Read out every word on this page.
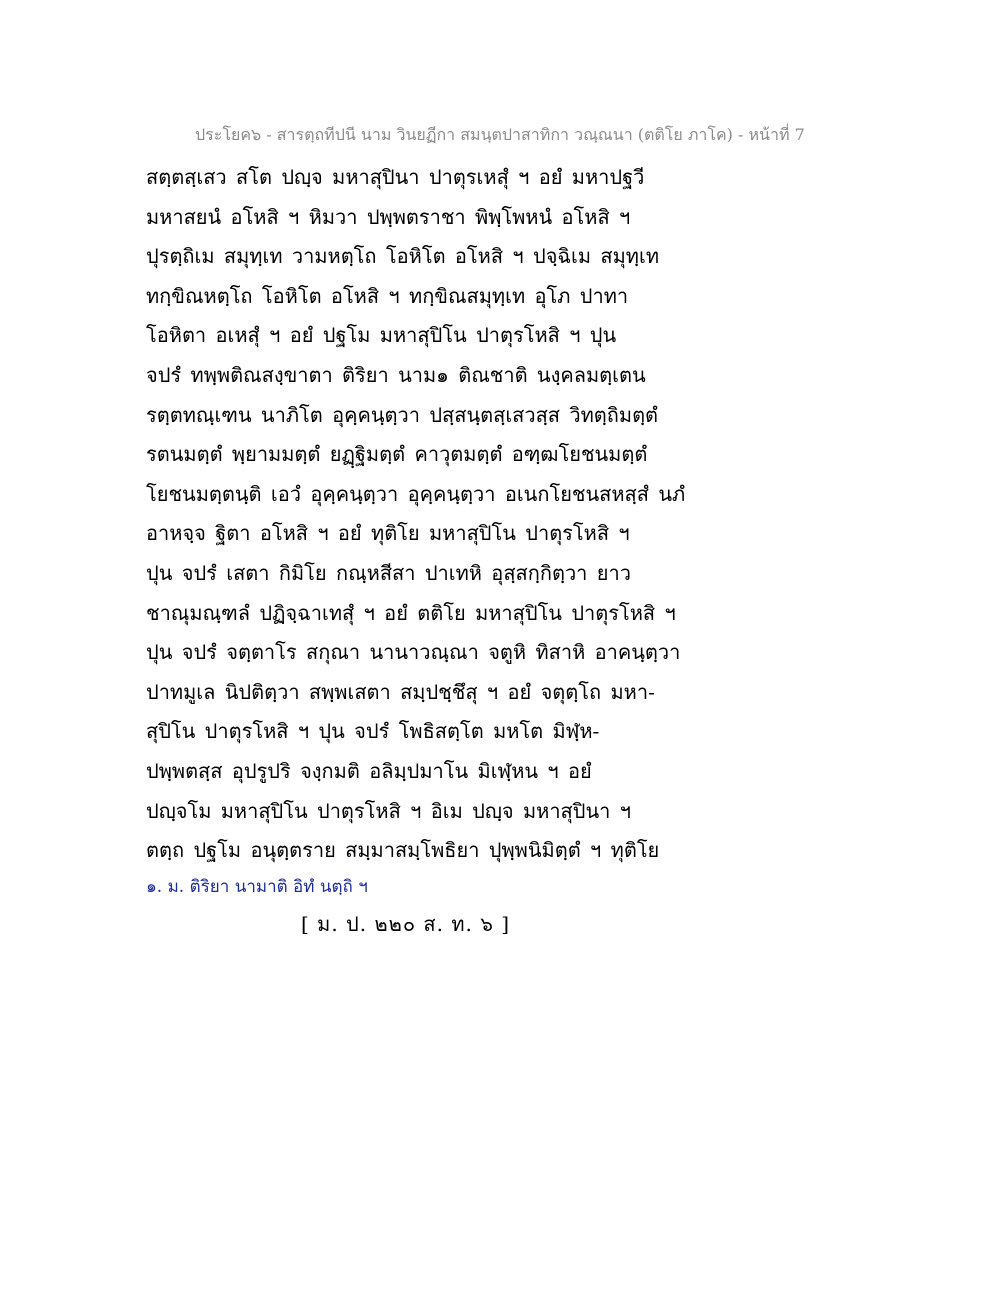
ประโยค๖ - สารตฺถทีปนี นาม วินยฏีกา สมนฺตปาสาทิกา วณฺณนา (ตติโย ภาโค) - หน้าที่ 7
สตฺตสฺเสว สโต ปญฺจ มหาสุปินา ปาตุรเหสุํ ฯ อยํ มหาปฐวี
มหาสยนํ อโหสิ ฯ หิมวา ปพฺพตราชา พิพฺโพหนํ อโหสิ ฯ
ปุรตฺถิเม สมุทฺเท วามหตฺโถ โอหิโต อโหสิ ฯ ปจฺฉิเม สมุทฺเท
ทกฺขิณหตฺโถ โอหิโต อโหสิ ฯ ทกฺขิณสมุทฺเท อุโภ ปาทา
โอหิตา อเหสุํ ฯ อยํ ปฐโม มหาสุปิโน ปาตุรโหสิ ฯ ปุน
จปรํ ทพฺพติณสงฺขาตา ติริยา นาม๑ ติณชาติ นงฺคลมตฺเตน
รตฺตทณฺเฑน นาภิโต อุคฺคนฺตฺวา ปสฺสนฺตสฺเสวสฺส วิทตฺถิมตฺตํ
รตนมตฺตํ พฺยามมตฺตํ ยฏฺฐิมตฺตํ คาวุตมตฺตํ อฑฺฒโยชนมตฺตํ
โยชนมตฺตนฺติ เอวํ อุคฺคนฺตฺวา อุคฺคนฺตฺวา อเนกโยชนสหสฺสํ นภํ
อาหจฺจ ฐิตา อโหสิ ฯ อยํ ทุติโย มหาสุปิโน ปาตุรโหสิ ฯ
ปุน จปรํ เสตา กิมิโย กณฺหสีสา ปาเทหิ อุสฺสกฺกิตฺวา ยาว
ชาณุมณฺฑลํ ปฏิจฺฉาเทสุํ ฯ อยํ ตติโย มหาสุปิโน ปาตุรโหสิ ฯ
ปุน จปรํ จตฺตาโร สกุณา นานาวณฺณา จตูหิ ทิสาหิ อาคนฺตฺวา
ปาทมูเล นิปติตฺวา สพฺพเสตา สมฺปชฺชึสุ ฯ อยํ จตุตฺโถ มหา-
สุปิโน ปาตุรโหสิ ฯ ปุน จปรํ โพธิสตฺโต มหโต มิฬฺห-
ปพฺพตสฺส อุปรูปริ จงฺกมติ อลิมฺปมาโน มิเฬฺหน ฯ อยํ
ปญฺจโม มหาสุปิโน ปาตุรโหสิ ฯ อิเม ปญฺจ มหาสุปินา ฯ
ตตฺถ ปฐโม อนุตฺตราย สมฺมาสมฺโพธิยา ปุพฺพนิมิตฺตํ ฯ ทุติโย
๑. ม. ติริยา นามาติ อิทํ นตฺถิ ฯ
[ ม. ป. ๒๒๐ ส. ท. ๖ ]
